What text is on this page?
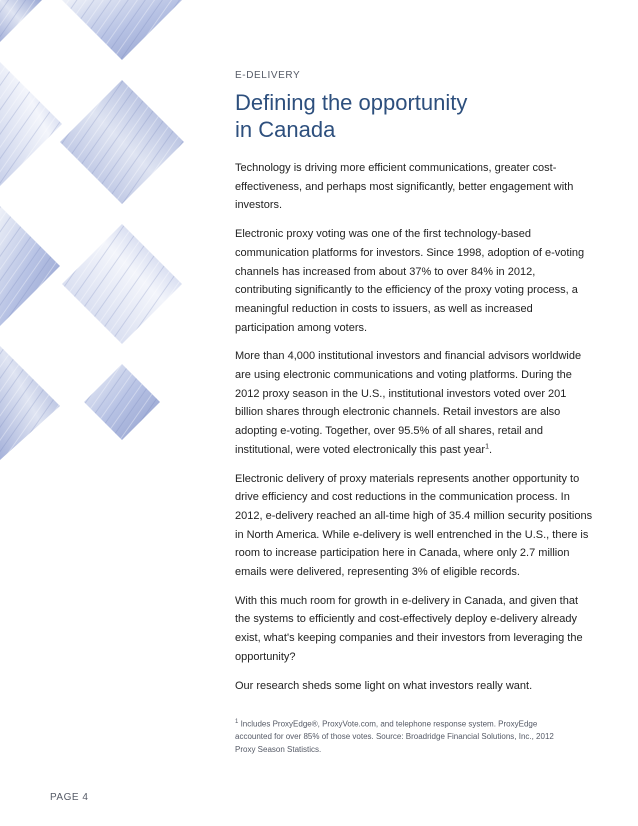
E-DELIVERY
Defining the opportunity
in Canada

Technology is driving more efficient communications, greater cost-effectiveness, and perhaps most significantly, better engagement with investors.

Electronic proxy voting was one of the first technology-based communication platforms for investors. Since 1998, adoption of e-voting channels has increased from about 37% to over 84% in 2012, contributing significantly to the efficiency of the proxy voting process, a meaningful reduction in costs to issuers, as well as increased participation among voters.

More than 4,000 institutional investors and financial advisors worldwide are using electronic communications and voting platforms. During the 2012 proxy season in the U.S., institutional investors voted over 201 billion shares through electronic channels. Retail investors are also adopting e-voting. Together, over 95.5% of all shares, retail and institutional, were voted electronically this past year$^1$.

Electronic delivery of proxy materials represents another opportunity to drive efficiency and cost reductions in the communication process. In 2012, e-delivery reached an all-time high of 35.4 million security positions in North America. While e-delivery is well entrenched in the U.S., there is room to increase participation here in Canada, where only 2.7 million emails were delivered, representing 3% of eligible records.

With this much room for growth in e-delivery in Canada, and given that the systems to efficiently and cost-effectively deploy e-delivery already exist, what's keeping companies and their investors from leveraging the opportunity?

Our research sheds some light on what investors really want.

$^1$ Includes ProxyEdge®, ProxyVote.com, and telephone response system. ProxyEdge accounted for over 85% of those votes. Source: Broadridge Financial Solutions, Inc., 2012 Proxy Season Statistics.
PAGE 4
